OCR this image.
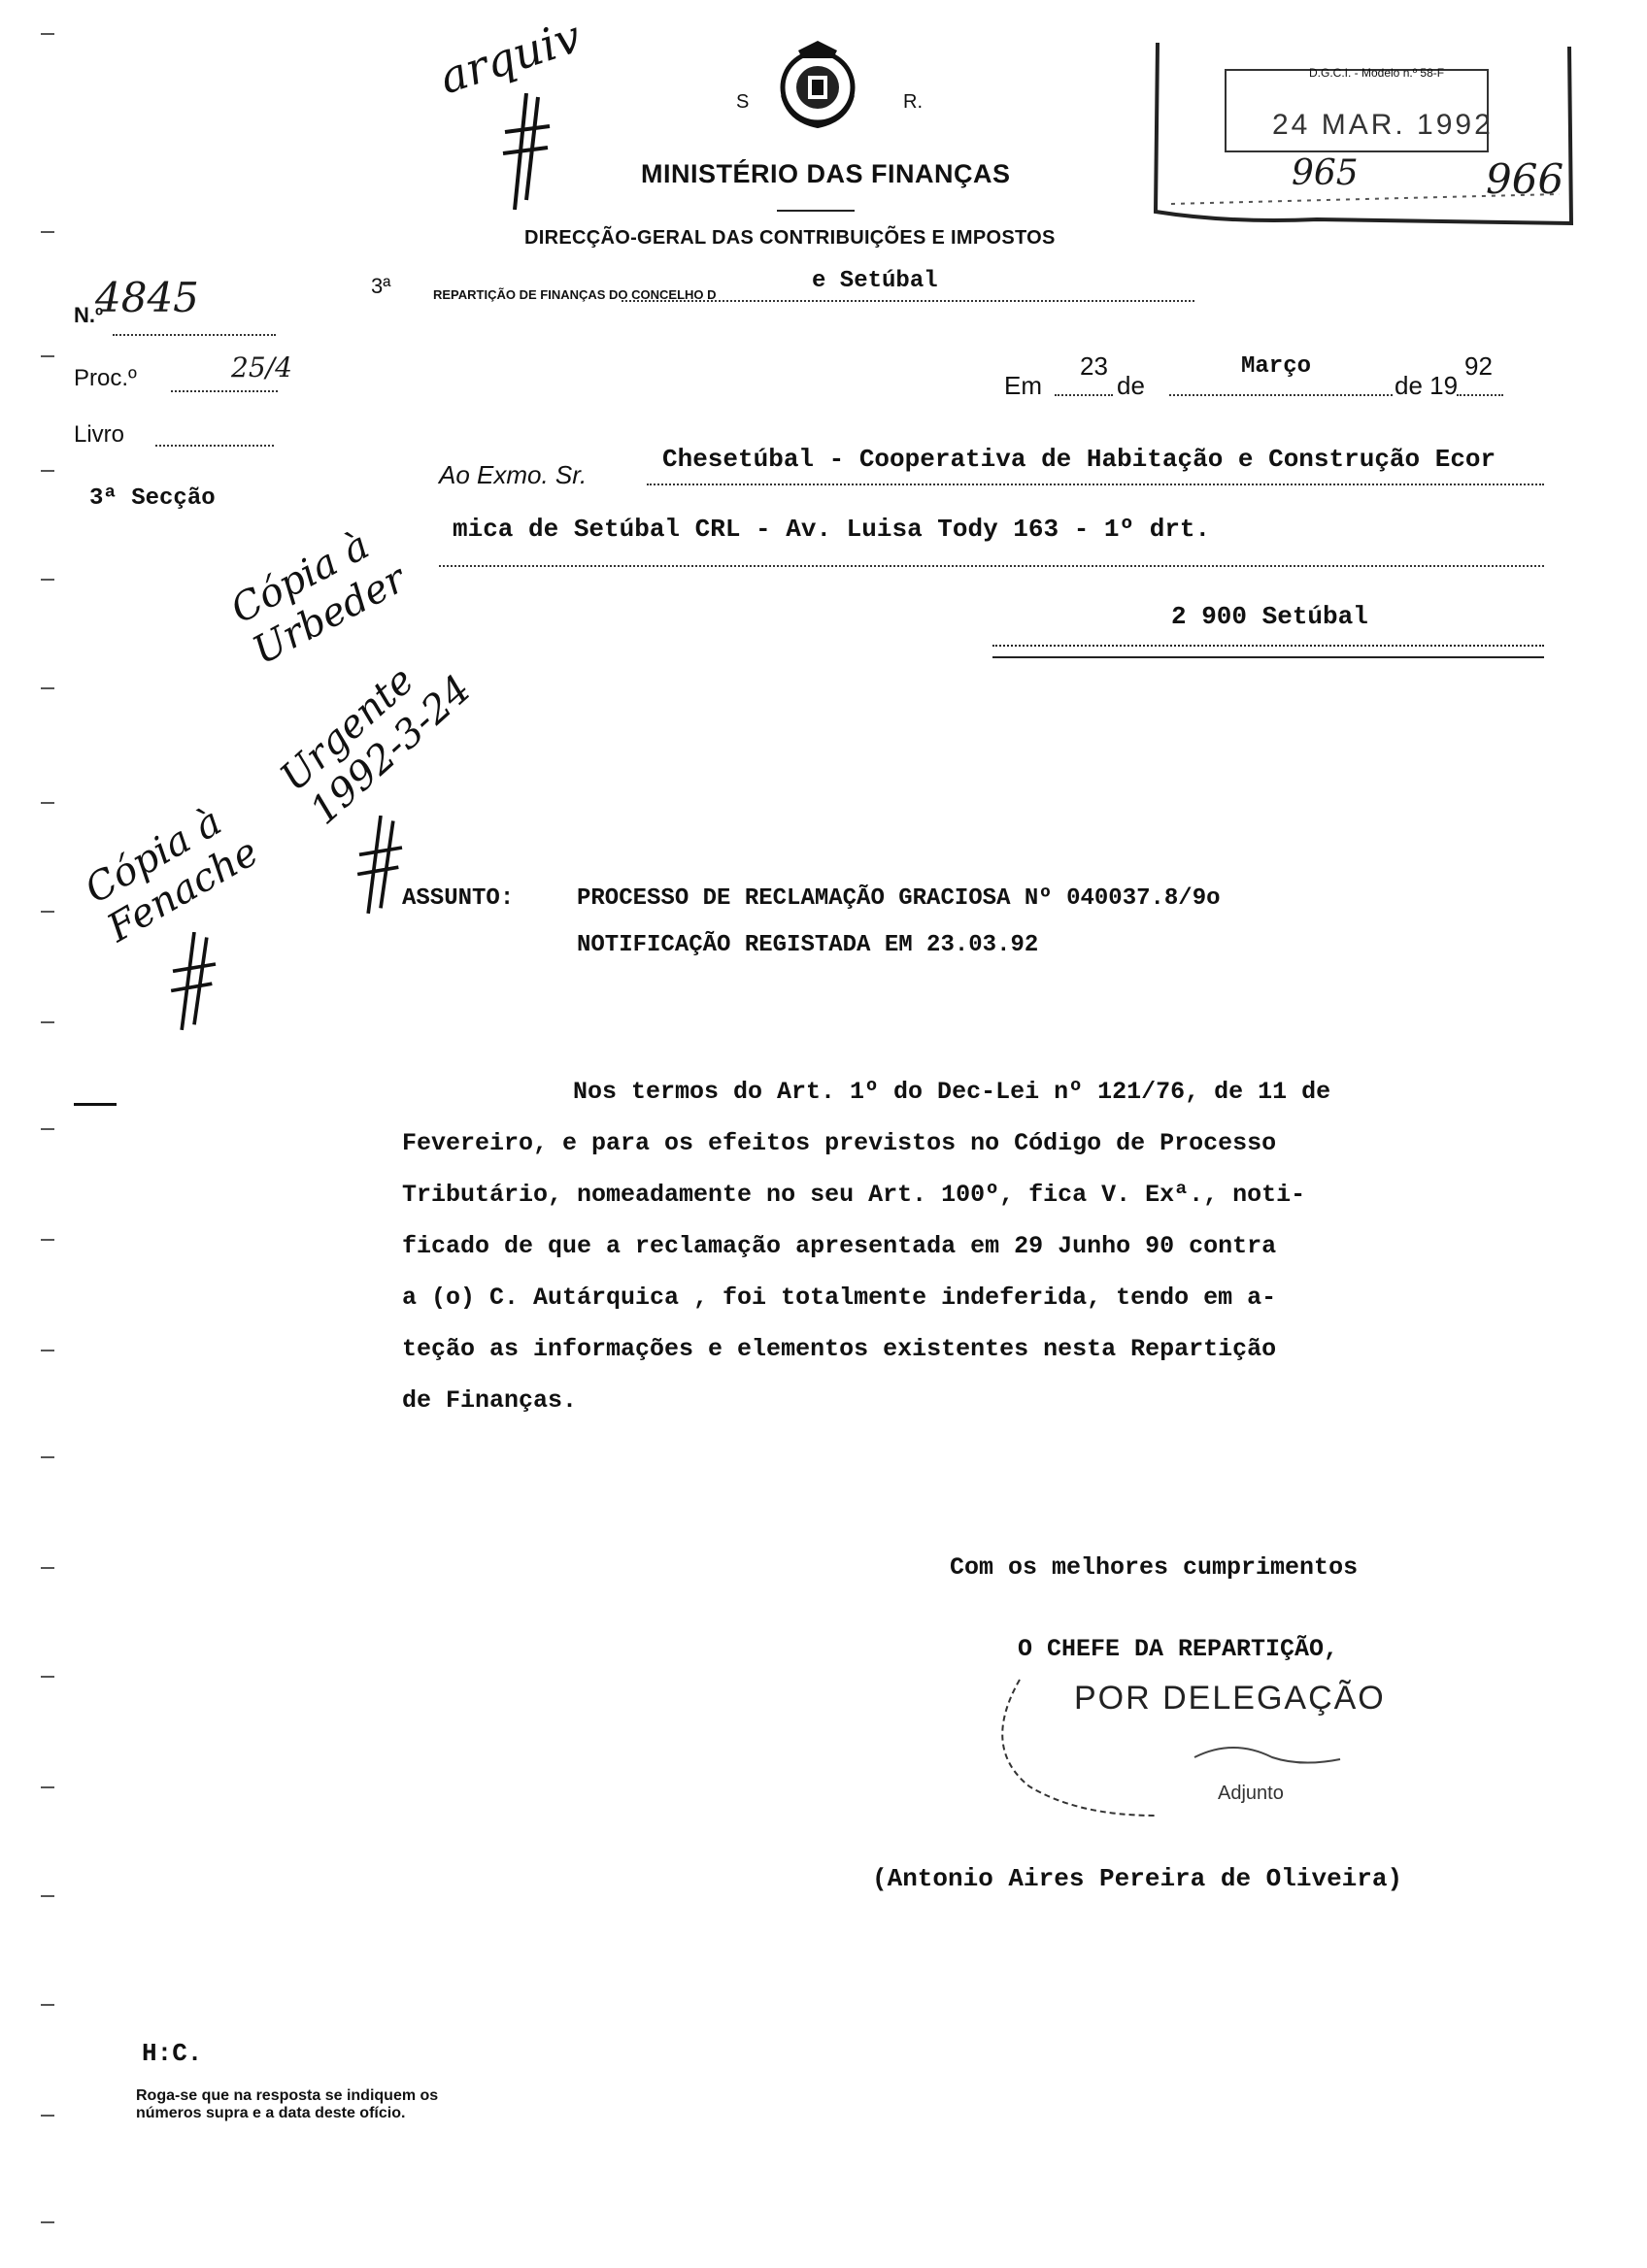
S	R.
MINISTÉRIO DAS FINANÇAS
DIRECÇÃO-GERAL DAS CONTRIBUIÇÕES E IMPOSTOS
3ª	REPARTIÇÃO DE FINANÇAS DO CONCELHO D
e Setúbal
D.G.C.I. - Modelo n.º 58-F
24 MAR. 1992
965	966
N.º
4845
Proc.º	25/4
Livro
3ª Secção
Em
23
de
Março
de 19
92
Ao Exmo. Sr.
Chesetúbal - Cooperativa de Habitação e Construção Ecor
mica de Setúbal CRL - Av. Luisa Tody 163 - 1º drt.
2 900 Setúbal
ASSUNTO:	PROCESSO DE RECLAMAÇÃO GRACIOSA Nº 040037.8/9o
NOTIFICAÇÃO REGISTADA EM 23.03.92

Nos termos do Art. 1º do Dec-Lei nº 121/76, de 11 de

Fevereiro, e para os efeitos previstos no Código de Processo

Tributário, nomeadamente no seu Art. 100º, fica V. Exª., noti-

ficado de que a reclamação apresentada em 29 Junho 90 contra

a (o) C. Autárquica , foi totalmente indeferida, tendo em a-

teção as informações e elementos existentes nesta Repartição

de Finanças.

Com os melhores cumprimentos
O CHEFE DA REPARTIÇÃO,
POR DELEGAÇÃO
Adjunto
(Antonio Aires Pereira de Oliveira)
H:C.
Roga-se que na resposta se indiquem os números supra e a data deste ofício.
arquiv
Cópia à Urbeder
Urgente 1992-3-24
Cópia à Fenache
